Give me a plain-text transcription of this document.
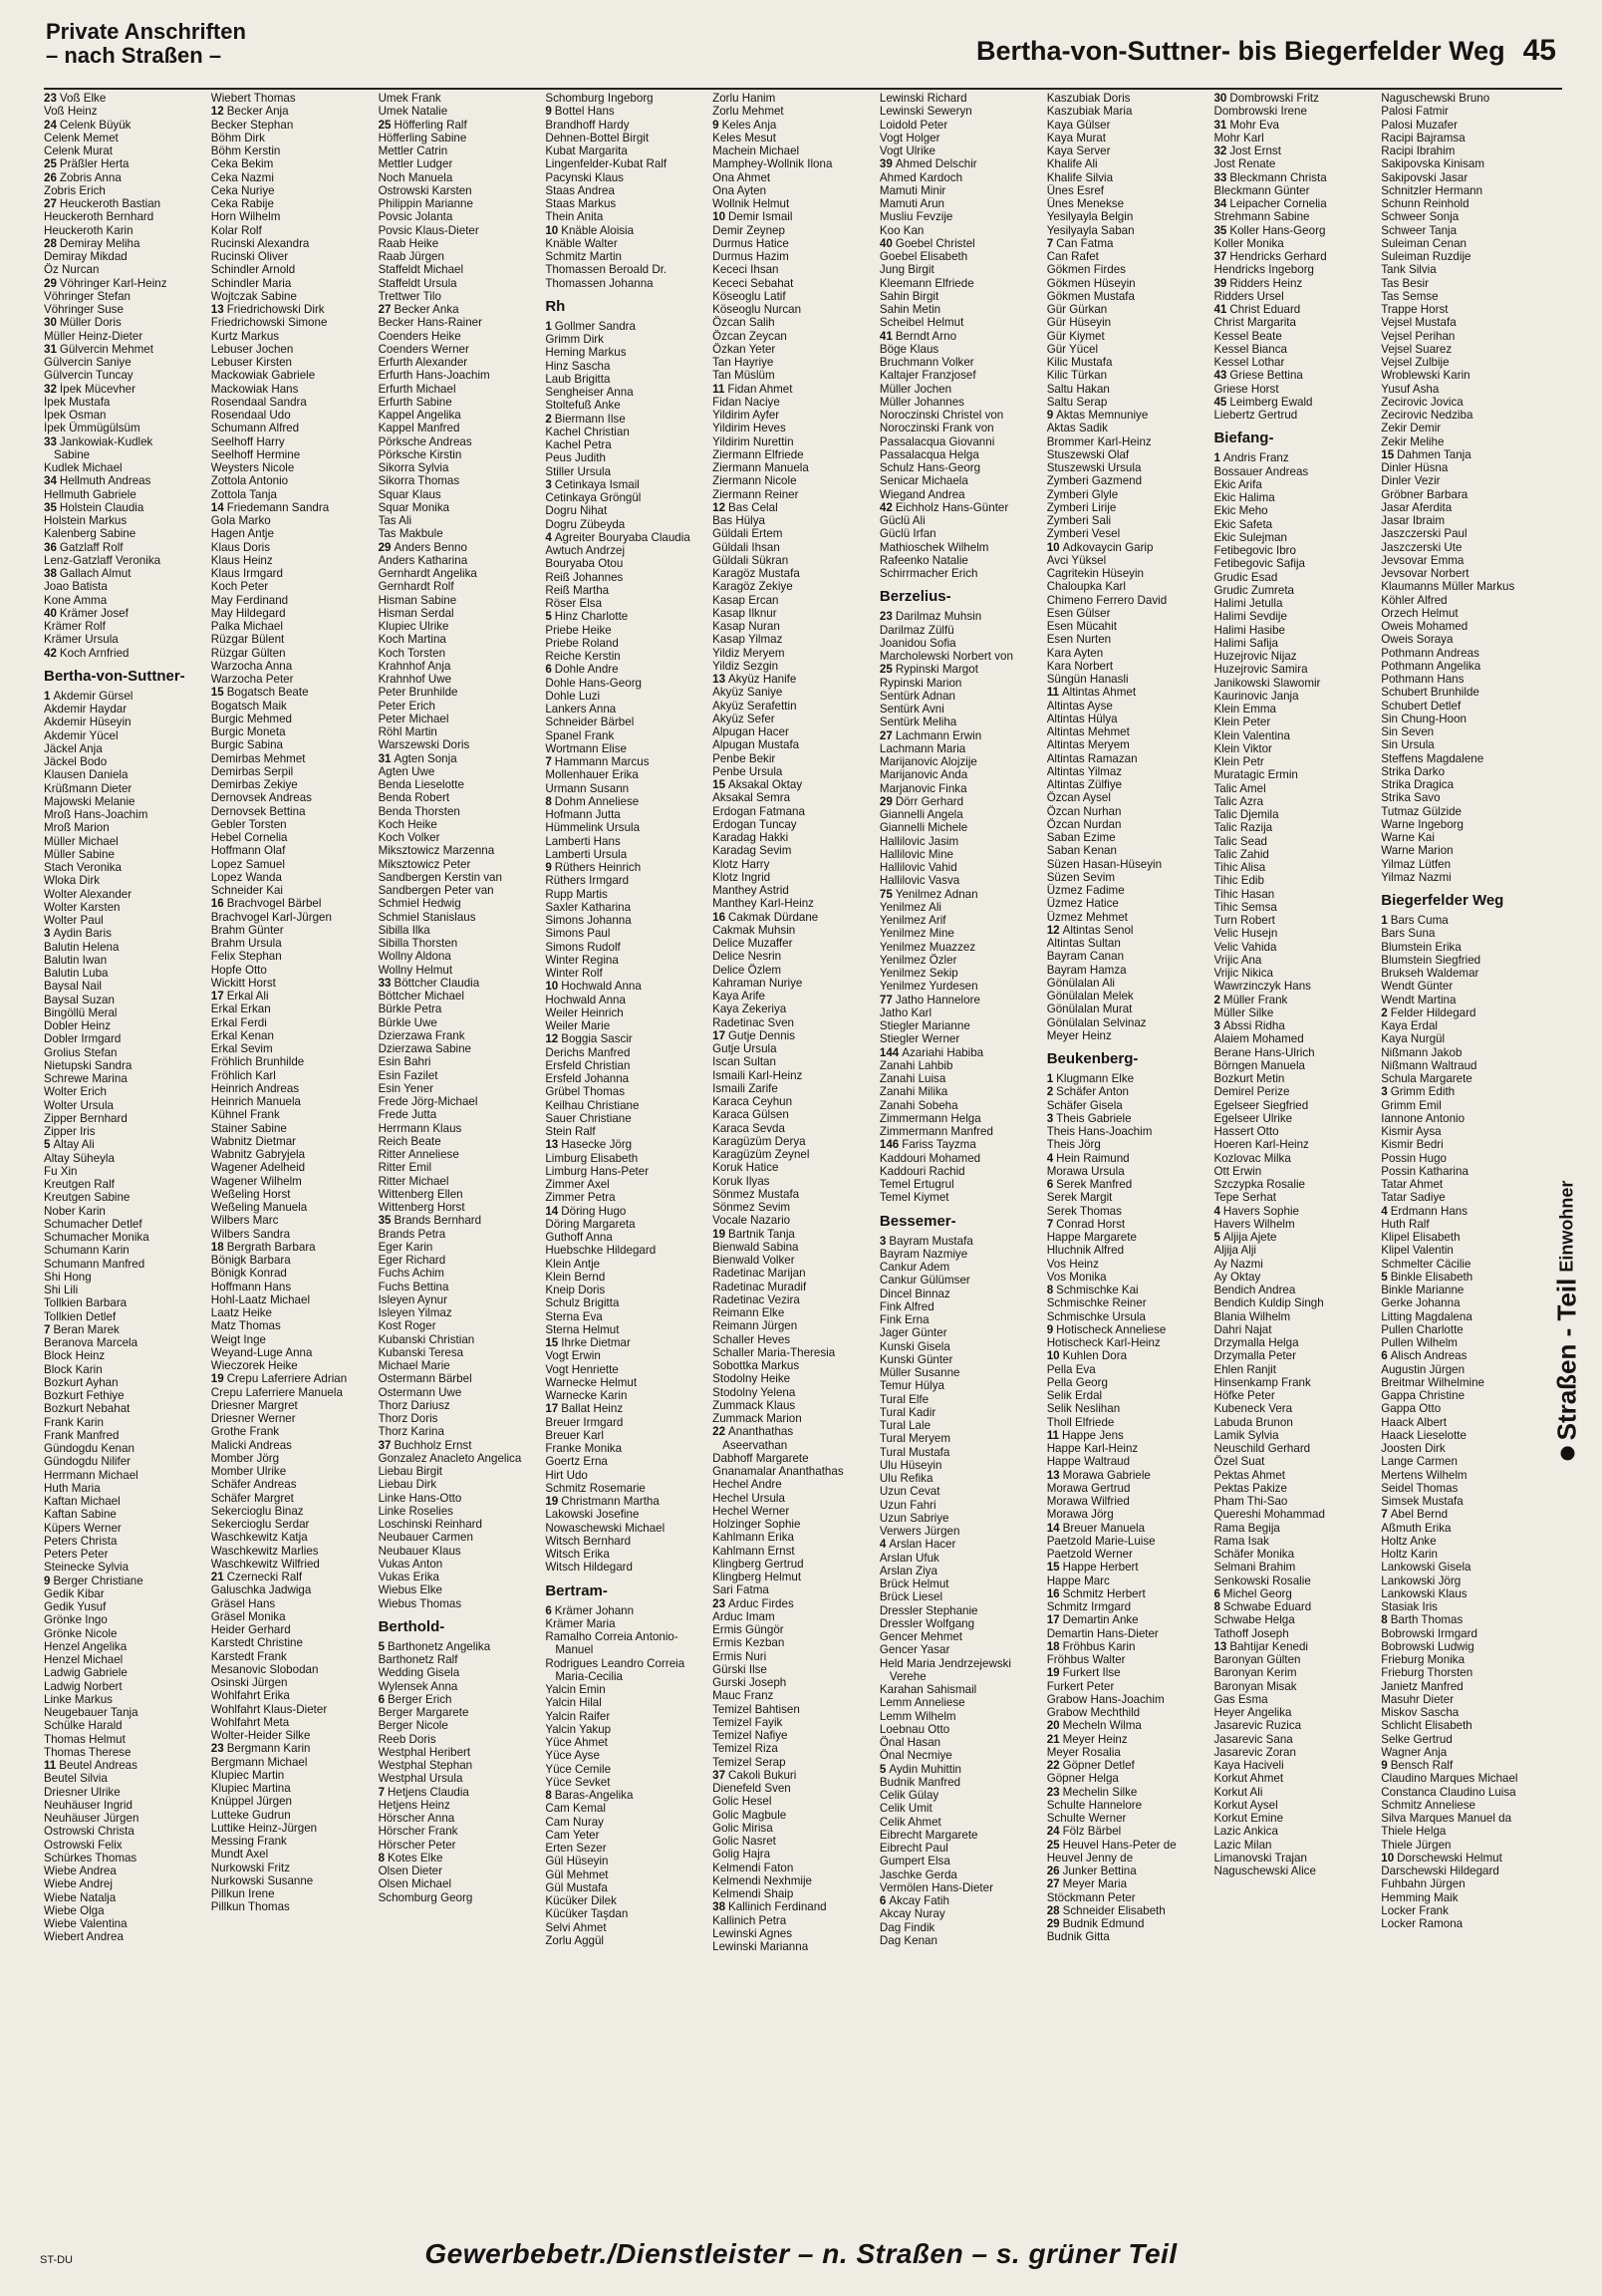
Private Anschriften
– nach Straßen –	Bertha-von-Suttner- bis Biegerfelder Weg 45
Straßen - Teil
Einwohner
ST-DU	Gewerbebetr./Dienstleister – n. Straßen – s. grüner Teil
23 Voß Elke
Voß Heinz
24 Celenk Büyük
Celenk Memet
Celenk Murat
25 Präßler Herta
26 Zobris Anna
Zobris Erich
27 Heuckeroth Bastian
Heuckeroth Bernhard
Heuckeroth Karin
28 Demiray Meliha
Demiray Mikdad
Öz Nurcan
29 Vöhringer Karl-Heinz
Vöhringer Stefan
Vöhringer Suse
30 Müller Doris
Müller Heinz-Dieter
31 Gülvercin Mehmet
Gülvercin Saniye
Gülvercin Tuncay
32 İpek Mücevher
İpek Mustafa
İpek Osman
İpek Ümmügülsüm
33 Jankowiak-Kudlek
Sabine
Kudlek Michael
34 Hellmuth Andreas
Hellmuth Gabriele
35 Holstein Claudia
Holstein Markus
Kalenberg Sabine
36 Gatzlaff Rolf
Lenz-Gatzlaff Veronika
38 Gallach Almut
Joao Batista
Kone Amma
40 Krämer Josef
Krämer Rolf
Krämer Ursula
42 Koch Arnfried
Bertha-von-Suttner-
1 Akdemir Gürsel
Akdemir Haydar
Akdemir Hüseyin
Akdemir Yücel
Jäckel Anja
Jäckel Bodo
Klausen Daniela
Krüßmann Dieter
Majowski Melanie
Mroß Hans-Joachim
Mroß Marion
Müller Michael
Müller Sabine
Stach Veronika
Wloka Dirk
Wolter Alexander
Wolter Karsten
Wolter Paul
3 Aydin Baris
Balutin Helena
Balutin Iwan
Balutin Luba
Baysal Nail
Baysal Suzan
Bingöllü Meral
Dobler Heinz
Dobler Irmgard
Grolius Stefan
Nietupski Sandra
Schrewe Marina
Wolter Erich
Wolter Ursula
Zipper Bernhard
Zipper Iris
5 Altay Ali
Altay Süheyla
Fu Xin
Kreutgen Ralf
Kreutgen Sabine
Nober Karin
Schumacher Detlef
Schumacher Monika
Schumann Karin
Schumann Manfred
Shi Hong
Shi Lili
Tollkien Barbara
Tollkien Detlef
7 Beran Marek
Beranova Marcela
Block Heinz
Block Karin
Bozkurt Ayhan
Bozkurt Fethiye
Bozkurt Nebahat
Frank Karin
Frank Manfred
Gündogdu Kenan
Gündogdu Nilifer
Herrmann Michael
Huth Maria
Kaftan Michael
Kaftan Sabine
Küpers Werner
Peters Christa
Peters Peter
Steinecke Sylvia
9 Berger Christiane
Gedik Kibar
Gedik Yusuf
Grönke Ingo
Grönke Nicole
Henzel Angelika
Henzel Michael
Ladwig Gabriele
Ladwig Norbert
Linke Markus
Neugebauer Tanja
Schülke Harald
Thomas Helmut
Thomas Therese
11 Beutel Andreas
Beutel Silvia
Driesner Ulrike
Neuhäuser Ingrid
Neuhäuser Jürgen
Ostrowski Christa
Ostrowski Felix
Schürkes Thomas
Wiebe Andrea
Wiebe Andrej
Wiebe Natalja
Wiebe Olga
Wiebe Valentina
Wiebert Andrea
Wiebert Thomas
12 Becker Anja
Becker Stephan
Böhm Dirk
Böhm Kerstin
Ceka Bekim
Ceka Nazmi
Ceka Nuriye
Ceka Rabije
Horn Wilhelm
Kolar Rolf
Rucinski Alexandra
Rucinski Oliver
Schindler Arnold
Schindler Maria
Wojtczak Sabine
13 Friedrichowski Dirk
Friedrichowski Simone
Kurtz Markus
Lebuser Jochen
Lebuser Kirsten
Mackowiak Gabriele
Mackowiak Hans
Rosendaal Sandra
Rosendaal Udo
Schumann Alfred
Seelhoff Harry
Seelhoff Hermine
Weysters Nicole
Zottola Antonio
Zottola Tanja
14 Friedemann Sandra
Gola Marko
Hagen Antje
Klaus Doris
Klaus Heinz
Klaus Irmgard
Koch Peter
May Ferdinand
May Hildegard
Palka Michael
Rüzgar Bülent
Rüzgar Gülten
Warzocha Anna
Warzocha Peter
15 Bogatsch Beate
Bogatsch Maik
Burgic Mehmed
Burgic Moneta
Burgic Sabina
Demirbas Mehmet
Demirbas Serpil
Demirbas Zekiye
Dernovsek Andreas
Dernovsek Bettina
Gebler Torsten
Hebel Cornelia
Hoffmann Olaf
Lopez Samuel
Lopez Wanda
Schneider Kai
16 Brachvogel Bärbel
Brachvogel Karl-Jürgen
Brahm Günter
Brahm Ursula
Felix Stephan
Hopfe Otto
Wickitt Horst
17 Erkal Ali
Erkal Erkan
Erkal Ferdi
Erkal Kenan
Erkal Sevim
Fröhlich Brunhilde
Fröhlich Karl
Heinrich Andreas
Heinrich Manuela
Kühnel Frank
Stainer Sabine
Wabnitz Dietmar
Wabnitz Gabryjela
Wagener Adelheid
Wagener Wilhelm
Weßeling Horst
Weßeling Manuela
Wilbers Marc
Wilbers Sandra
18 Bergrath Barbara
Bönigk Barbara
Bönigk Konrad
Hoffmann Hans
Hohl-Laatz Michael
Laatz Heike
Matz Thomas
Weigt Inge
Weyand-Luge Anna
Wieczorek Heike
19 Crepu Laferriere Adrian
Crepu Laferriere Manuela
Driesner Margret
Driesner Werner
Grothe Frank
Malicki Andreas
Momber Jörg
Momber Ulrike
Schäfer Andreas
Schäfer Margret
Sekercioglu Binaz
Sekercioglu Serdar
Waschkewitz Katja
Waschkewitz Marlies
Waschkewitz Wilfried
21 Czernecki Ralf
Galuschka Jadwiga
Gräsel Hans
Gräsel Monika
Heider Gerhard
Karstedt Christine
Karstedt Frank
Mesanovic Slobodan
Osinski Jürgen
Wohlfahrt Erika
Wohlfahrt Klaus-Dieter
Wohlfahrt Meta
Wolter-Heider Silke
23 Bergmann Karin
Bergmann Michael
Klupiec Martin
Klupiec Martina
Knüppel Jürgen
Lutteke Gudrun
Luttike Heinz-Jürgen
Messing Frank
Mundt Axel
Nurkowski Fritz
Nurkowski Susanne
Pillkun Irene
Pillkun Thomas
Umek Frank
Umek Natalie
25 Höfferling Ralf
Höfferling Sabine
Mettler Catrin
Mettler Ludger
Noch Manuela
Ostrowski Karsten
Philippin Marianne
Povsic Jolanta
Povsic Klaus-Dieter
Raab Heike
Raab Jürgen
Staffeldt Michael
Staffeldt Ursula
Trettwer Tilo
27 Becker Anka
Becker Hans-Rainer
Coenders Heike
Coenders Werner
Erfurth Alexander
Erfurth Hans-Joachim
Erfurth Michael
Erfurth Sabine
Kappel Angelika
Kappel Manfred
Pörksche Andreas
Pörksche Kirstin
Sikorra Sylvia
Sikorra Thomas
Squar Klaus
Squar Monika
Tas Ali
Tas Makbule
29 Anders Benno
Anders Katharina
Gernhardt Angelika
Gernhardt Rolf
Hisman Sabine
Hisman Serdal
Klupiec Ulrike
Koch Martina
Koch Torsten
Krahnhof Anja
Krahnhof Uwe
Peter Brunhilde
Peter Erich
Peter Michael
Röhl Martin
Warszewski Doris
31 Agten Sonja
Agten Uwe
Benda Lieselotte
Benda Robert
Benda Thorsten
Koch Heike
Koch Volker
Miksztowicz Marzenna
Miksztowicz Peter
Sandbergen Kerstin van
Sandbergen Peter van
Schmiel Hedwig
Schmiel Stanislaus
Sibilla Ilka
Sibilla Thorsten
Wollny Aldona
Wollny Helmut
33 Böttcher Claudia
Böttcher Michael
Bürkle Petra
Bürkle Uwe
Dzierzawa Frank
Dzierzawa Sabine
Esin Bahri
Esin Fazilet
Esin Yener
Frede Jörg-Michael
Frede Jutta
Herrmann Klaus
Reich Beate
Ritter Anneliese
Ritter Emil
Ritter Michael
Wittenberg Ellen
Wittenberg Horst
35 Brands Bernhard
Brands Petra
Eger Karin
Eger Richard
Fuchs Achim
Fuchs Bettina
Isleyen Aynur
Isleyen Yilmaz
Kost Roger
Kubanski Christian
Kubanski Teresa
Michael Marie
Ostermann Bärbel
Ostermann Uwe
Thorz Dariusz
Thorz Doris
Thorz Karina
37 Buchholz Ernst
Gonzalez Anacleto Angelica
Liebau Birgit
Liebau Dirk
Linke Hans-Otto
Linke Roselies
Loschinski Reinhard
Neubauer Carmen
Neubauer Klaus
Vukas Anton
Vukas Erika
Wiebus Elke
Wiebus Thomas
Berthold-
5 Barthonetz Angelika
Barthonetz Ralf
Wedding Gisela
Wylensek Anna
6 Berger Erich
Berger Margarete
Berger Nicole
Reeb Doris
Westphal Heribert
Westphal Stephan
Westphal Ursula
7 Hetjens Claudia
Hetjens Heinz
Hörscher Anna
Hörscher Frank
Hörscher Peter
8 Kotes Elke
Olsen Dieter
Olsen Michael
Schomburg Georg
Schomburg Ingeborg
9 Bottel Hans
Brandhoff Hardy
Dehnen-Bottel Birgit
Kubat Margarita
Lingenfelder-Kubat Ralf
Pacynski Klaus
Staas Andrea
Staas Markus
Thein Anita
10 Knäble Aloisia
Knäble Walter
Schmitz Martin
Thomassen Beroald Dr.
Thomassen Johanna
Rh
1 Gollmer Sandra
Grimm Dirk
Heming Markus
Hinz Sascha
Laub Brigitta
Sengheiser Anna
Stoltefuß Anke
2 Biermann Ilse
Kachel Christian
Kachel Petra
Peus Judith
Stiller Ursula
3 Cetinkaya Ismail
Cetinkaya Gröngül
Dogru Nihat
Dogru Zübeyda
4 Agreiter Bouryaba Claudia
Awtuch Andrzej
Bouryaba Otou
Reiß Johannes
Reiß Martha
Röser Elsa
5 Hinz Charlotte
Priebe Heike
Priebe Roland
Reiche Kerstin
6 Dohle Andre
Dohle Hans-Georg
Dohle Luzi
Lankers Anna
Schneider Bärbel
Spanel Frank
Wortmann Elise
7 Hammann Marcus
Mollenhauer Erika
Urmann Susann
8 Dohm Anneliese
Hofmann Jutta
Hümmelink Ursula
Lamberti Hans
Lamberti Ursula
9 Rüthers Heinrich
Rüthers Irmgard
Rupp Martis
Saxler Katharina
Simons Johanna
Simons Paul
Simons Rudolf
Winter Regina
Winter Rolf
10 Hochwald Anna
Hochwald Anna
Weiler Heinrich
Weiler Marie
12 Boggia Sascir
Derichs Manfred
Ersfeld Christian
Ersfeld Johanna
Grübel Thomas
Keilhau Christiane
Sauer Christiane
Stein Ralf
13 Hasecke Jörg
Limburg Elisabeth
Limburg Hans-Peter
Zimmer Axel
Zimmer Petra
14 Döring Hugo
Döring Margareta
Guthoff Anna
Huebschke Hildegard
Klein Antje
Klein Bernd
Kneip Doris
Schulz Brigitta
Sterna Eva
Sterna Helmut
15 Ihrke Dietmar
Vogt Erwin
Vogt Henriette
Warnecke Helmut
Warnecke Karin
17 Ballat Heinz
Breuer Irmgard
Breuer Karl
Franke Monika
Goertz Erna
Hirt Udo
Schmitz Rosemarie
19 Christmann Martha
Lakowski Josefine
Nowaschewski Michael
Witsch Bernhard
Witsch Erika
Witsch Hildegard
Bertram-
6 Krämer Johann
Krämer Maria
Ramalho Correia Antonio-
Manuel
Rodrigues Leandro Correia
Maria-Cecilia
Yalcin Emin
Yalcin Hilal
Yalcin Raifer
Yalcin Yakup
Yüce Ahmet
Yüce Ayse
Yüce Cemile
Yüce Sevket
8 Baras-Angelika
Cam Kemal
Cam Nuray
Cam Yeter
Erten Sezer
Gül Hüseyin
Gül Mehmet
Gül Mustafa
Kücüker Dilek
Kücüker Taşdan
Selvi Ahmet
Zorlu Aggül
Zorlu Hanim
Zorlu Mehmet
9 Keles Anja
Keles Mesut
Machein Michael
Mamphey-Wollnik Ilona
Ona Ahmet
Ona Ayten
Wollnik Helmut
10 Demir Ismail
Demir Zeynep
Durmus Hatice
Durmus Hazim
Kececi Ihsan
Kececi Sebahat
Köseoglu Latif
Köseoglu Nurcan
Özcan Salih
Özcan Zeycan
Özkan Yeter
Tan Hayriye
Tan Müslüm
11 Fidan Ahmet
Fidan Naciye
Yildirim Ayfer
Yildirim Heves
Yildirim Nurettin
Ziermann Elfriede
Ziermann Manuela
Ziermann Nicole
Ziermann Reiner
12 Bas Celal
Bas Hülya
Güldali Ertem
Güldali Ihsan
Güldali Sükran
Karagöz Mustafa
Karagöz Zekiye
Kasap Ercan
Kasap Ilknur
Kasap Nuran
Kasap Yilmaz
Yildiz Meryem
Yildiz Sezgin
13 Akyüz Hanife
Akyüz Saniye
Akyüz Serafettin
Akyüz Sefer
Alpugan Hacer
Alpugan Mustafa
Penbe Bekir
Penbe Ursula
15 Aksakal Oktay
Aksakal Semra
Erdogan Fatmana
Erdogan Tuncay
Karadag Hakki
Karadag Sevim
Klotz Harry
Klotz Ingrid
Manthey Astrid
Manthey Karl-Heinz
16 Cakmak Dürdane
Cakmak Muhsin
Delice Muzaffer
Delice Nesrin
Delice Özlem
Kahraman Nuriye
Kaya Arife
Kaya Zekeriya
Radetinac Sven
17 Gutje Dennis
Gutje Ursula
Iscan Sultan
Ismaili Karl-Heinz
Ismaili Zarife
Karaca Ceyhun
Karaca Gülsen
Karaca Sevda
Karagüzüm Derya
Karagüzüm Zeynel
Koruk Hatice
Koruk Ilyas
Sönmez Mustafa
Sönmez Sevim
Vocale Nazario
19 Bartnik Tanja
Bienwald Sabina
Bienwald Volker
Radetinac Marijan
Radetinac Muradif
Radetinac Vezira
Reimann Elke
Reimann Jürgen
Schaller Heves
Schaller Maria-Theresia
Sobottka Markus
Stodolny Heike
Stodolny Yelena
Zummack Klaus
Zummack Marion
22 Ananthathas
Aseervathan
Dabhoff Margarete
Gnanamalar Ananthathas
Hechel Andre
Hechel Ursula
Hechel Werner
Holzinger Sophie
Kahlmann Erika
Kahlmann Ernst
Klingberg Gertrud
Klingberg Helmut
Sari Fatma
23 Arduc Firdes
Arduc Imam
Ermis Güngör
Ermis Kezban
Ermis Nuri
Gürski Ilse
Gurski Joseph
Mauc Franz
Temizel Bahtisen
Temizel Fayik
Temizel Nafiye
Temizel Riza
Temizel Serap
37 Cakoli Bukuri
Dienefeld Sven
Golic Hesel
Golic Magbule
Golic Mirisa
Golic Nasret
Golig Hajra
Kelmendi Faton
Kelmendi Nexhmije
Kelmendi Shaip
38 Kallinich Ferdinand
Kallinich Petra
Lewinski Agnes
Lewinski Marianna
Lewinski Richard
Lewinski Seweryn
Loidold Peter
Vogt Holger
Vogt Ulrike
39 Ahmed Delschir
Ahmed Kardoch
Mamuti Minir
Mamuti Arun
Musliu Fevzije
Koo Kan
40 Goebel Christel
Goebel Elisabeth
Jung Birgit
Kleemann Elfriede
Sahin Birgit
Sahin Metin
Scheibel Helmut
41 Berndt Arno
Böge Klaus
Bruchmann Volker
Kaltajer Franzjosef
Müller Jochen
Müller Johannes
Noroczinski Christel von
Noroczinski Frank von
Passalacqua Giovanni
Passalacqua Helga
Schulz Hans-Georg
Senicar Michaela
Wiegand Andrea
42 Eichholz Hans-Günter
Güclü Ali
Güclü Irfan
Mathioschek Wilhelm
Rafeenko Natalie
Schirrmacher Erich
Berzelius-
23 Darilmaz Muhsin
Darilmaz Zülfü
Joanidou Sofia
Marcholewski Norbert von
25 Rypinski Margot
Rypinski Marion
Sentürk Adnan
Sentürk Avni
Sentürk Meliha
27 Lachmann Erwin
Lachmann Maria
Marijanovic Alojzije
Marijanovic Anda
Marjanovic Finka
29 Dörr Gerhard
Giannelli Angela
Giannelli Michele
Hallilovic Jasim
Hallilovic Mine
Hallilovic Vahid
Hallilovic Vasva
75 Yenilmez Adnan
Yenilmez Ali
Yenilmez Arif
Yenilmez Mine
Yenilmez Muazzez
Yenilmez Özler
Yenilmez Sekip
Yenilmez Yurdesen
77 Jatho Hannelore
Jatho Karl
Stiegler Marianne
Stiegler Werner
144 Azariahi Habiba
Zanahi Lahbib
Zanahi Luisa
Zanahi Milika
Zanahi Sobeha
Zimmermann Helga
Zimmermann Manfred
146 Fariss Tayzma
Kaddouri Mohamed
Kaddouri Rachid
Temel Ertugrul
Temel Kiymet
Bessemer-
3 Bayram Mustafa
Bayram Nazmiye
Cankur Adem
Cankur Gülümser
Dincel Binnaz
Fink Alfred
Fink Erna
Jager Günter
Kunski Gisela
Kunski Günter
Müller Susanne
Temur Hülya
Tural Elfe
Tural Kadir
Tural Lale
Tural Meryem
Tural Mustafa
Ulu Hüseyin
Ulu Refika
Uzun Cevat
Uzun Fahri
Uzun Sabriye
Verwers Jürgen
4 Arslan Hacer
Arslan Ufuk
Arslan Ziya
Brück Helmut
Brück Liesel
Dressler Stephanie
Dressler Wolfgang
Gencer Mehmet
Gencer Yasar
Held Maria Jendrzejewski
Verehe
Karahan Sahismail
Lemm Anneliese
Lemm Wilhelm
Loebnau Otto
Önal Hasan
Önal Necmiye
5 Aydin Muhittin
Budnik Manfred
Celik Gülay
Celik Umit
Celik Ahmet
Eibrecht Margarete
Eibrecht Paul
Gumpert Elsa
Jaschke Gerda
Vermölen Hans-Dieter
6 Akcay Fatih
Akcay Nuray
Dag Findik
Dag Kenan
Kaszubiak Doris
Kaszubiak Maria
Kaya Gülser
Kaya Murat
Kaya Server
Khalife Ali
Khalife Silvia
Ünes Esref
Ünes Menekse
Yesilyayla Belgin
Yesilyayla Saban
7 Can Fatma
Can Rafet
Gökmen Firdes
Gökmen Hüseyin
Gökmen Mustafa
Gür Gürkan
Gür Hüseyin
Gür Kiymet
Gür Yücel
Kilic Mustafa
Kilic Türkan
Saltu Hakan
Saltu Serap
9 Aktas Memnuniye
Aktas Sadik
Brommer Karl-Heinz
Stuszewski Olaf
Stuszewski Ursula
Zymberi Gazmend
Zymberi Glyle
Zymberi Lirije
Zymberi Sali
Zymberi Vesel
10 Adkovaycin Garip
Avci Yüksel
Cagritekin Hüseyin
Chaloupka Karl
Chimeno Ferrero David
Esen Gülser
Esen Mücahit
Esen Nurten
Kara Ayten
Kara Norbert
Süngün Hanasli
11 Altintas Ahmet
Altintas Ayse
Altintas Hülya
Altintas Mehmet
Altintas Meryem
Altintas Ramazan
Altintas Yilmaz
Altintas Zülfiye
Özcan Aysel
Özcan Nurhan
Özcan Nurdan
Saban Ezime
Saban Kenan
Süzen Hasan-Hüseyin
Süzen Sevim
Üzmez Fadime
Üzmez Hatice
Üzmez Mehmet
12 Altintas Senol
Altintas Sultan
Bayram Canan
Bayram Hamza
Gönülalan Ali
Gönülalan Melek
Gönülalan Murat
Gönülalan Selvinaz
Meyer Heinz
Beukenberg-
1 Klugmann Elke
2 Schäfer Anton
Schäfer Gisela
3 Theis Gabriele
Theis Hans-Joachim
Theis Jörg
4 Hein Raimund
Morawa Ursula
6 Serek Manfred
Serek Margit
Serek Thomas
7 Conrad Horst
Happe Margarete
Hluchnik Alfred
Vos Heinz
Vos Monika
8 Schmischke Kai
Schmischke Reiner
Schmischke Ursula
9 Hotischeck Anneliese
Hotischeck Karl-Heinz
10 Kuhlen Dora
Pella Eva
Pella Georg
Selik Erdal
Selik Neslihan
Tholl Elfriede
11 Happe Jens
Happe Karl-Heinz
Happe Waltraud
13 Morawa Gabriele
Morawa Gertrud
Morawa Wilfried
Morawa Jörg
14 Breuer Manuela
Paetzold Marie-Luise
Paetzold Werner
15 Happe Herbert
Happe Marc
16 Schmitz Herbert
Schmitz Irmgard
17 Demartin Anke
Demartin Hans-Dieter
18 Fröhbus Karin
Fröhbus Walter
19 Furkert Ilse
Furkert Peter
Grabow Hans-Joachim
Grabow Mechthild
20 Mecheln Wilma
21 Meyer Heinz
Meyer Rosalia
22 Göpner Detlef
Göpner Helga
23 Mechelin Silke
Schulte Hannelore
Schulte Werner
24 Fölz Bärbel
25 Heuvel Hans-Peter de
Heuvel Jenny de
26 Junker Bettina
27 Meyer Maria
Stöckmann Peter
28 Schneider Elisabeth
29 Budnik Edmund
Budnik Gitta
30 Dombrowski Fritz
Dombrowski Irene
31 Mohr Eva
Mohr Karl
32 Jost Ernst
Jost Renate
33 Bleckmann Christa
Bleckmann Günter
34 Leipacher Cornelia
Strehmann Sabine
35 Koller Hans-Georg
Koller Monika
37 Hendricks Gerhard
Hendricks Ingeborg
39 Ridders Heinz
Ridders Ursel
41 Christ Eduard
Christ Margarita
Kessel Beate
Kessel Bianca
Kessel Lothar
43 Griese Bettina
Griese Horst
45 Leimberg Ewald
Liebertz Gertrud
Biefang-
1 Andris Franz
Bossauer Andreas
Ekic Arifa
Ekic Halima
Ekic Meho
Ekic Safeta
Ekic Sulejman
Fetibegovic Ibro
Fetibegovic Safija
Grudic Esad
Grudic Zumreta
Halimi Jetulla
Halimi Sevdije
Halimi Hasibe
Halimi Safija
Huzejrovic Nijaz
Huzejrovic Samira
Janikowski Slawomir
Kaurinovic Janja
Klein Emma
Klein Peter
Klein Valentina
Klein Viktor
Klein Petr
Muratagic Ermin
Talic Amel
Talic Azra
Talic Djemila
Talic Razija
Talic Sead
Talic Zahid
Tihic Alisa
Tihic Edib
Tihic Hasan
Tihic Semsa
Turn Robert
Velic Husejn
Velic Vahida
Vrijic Ana
Vrijic Nikica
Wawrzinczyk Hans
2 Müller Frank
Müller Silke
3 Abssi Ridha
Alaiem Mohamed
Berane Hans-Ulrich
Börngen Manuela
Bozkurt Metin
Demirel Perize
Egelseer Siegfried
Egelseer Ulrike
Hassert Otto
Hoeren Karl-Heinz
Kozlovac Milka
Ott Erwin
Szczypka Rosalie
Tepe Serhat
4 Havers Sophie
Havers Wilhelm
5 Aljija Ajete
Aljija Alji
Ay Nazmi
Ay Oktay
Bendich Andrea
Bendich Kuldip Singh
Blania Wilhelm
Dahri Najat
Drzymalla Helga
Drzymalla Peter
Ehlen Ranjit
Hinsenkamp Frank
Höfke Peter
Kubeneck Vera
Labuda Brunon
Lamik Sylvia
Neuschild Gerhard
Özel Suat
Pektas Ahmet
Pektas Pakize
Pham Thi-Sao
Quereshi Mohammad
Rama Begija
Rama Isak
Schäfer Monika
Selmani Brahim
Senkowski Rosalie
6 Michel Georg
8 Schwabe Eduard
Schwabe Helga
Tathoff Joseph
13 Bahtijar Kenedi
Baronyan Gülten
Baronyan Kerim
Baronyan Misak
Gas Esma
Heyer Angelika
Jasarevic Ruzica
Jasarevic Sana
Jasarevic Zoran
Kaya Haciveli
Korkut Ahmet
Korkut Ali
Korkut Aysel
Korkut Emine
Lazic Ankica
Lazic Milan
Limanovski Trajan
Naguschewski Alice
Naguschewski Bruno
Palosi Fatmir
Palosi Muzafer
Racipi Bajramsa
Racipi Ibrahim
Sakipovska Kinisam
Sakipovski Jasar
Schnitzler Hermann
Schunn Reinhold
Schweer Sonja
Schweer Tanja
Suleiman Cenan
Suleiman Ruzdije
Tank Silvia
Tas Besir
Tas Semse
Trappe Horst
Vejsel Mustafa
Vejsel Perihan
Vejsel Suarez
Vejsel Zulbije
Wroblewski Karin
Yusuf Asha
Zecirovic Jovica
Zecirovic Nedziba
Zekir Demir
Zekir Melihe
15 Dahmen Tanja
Dinler Hüsna
Dinler Vezir
Gröbner Barbara
Jasar Aferdita
Jasar Ibraim
Jaszczerski Paul
Jaszczerski Ute
Jevsovar Emma
Jevsovar Norbert
Klaumanns Müller Markus
Köhler Alfred
Orzech Helmut
Oweis Mohamed
Oweis Soraya
Pothmann Andreas
Pothmann Angelika
Pothmann Hans
Schubert Brunhilde
Schubert Detlef
Sin Chung-Hoon
Sin Seven
Sin Ursula
Steffens Magdalene
Strika Darko
Strika Dragica
Strika Savo
Tutmaz Gülzide
Warne Ingeborg
Warne Kai
Warne Marion
Yilmaz Lütfen
Yilmaz Nazmi
Biegerfelder Weg
1 Bars Cuma
Bars Suna
Blumstein Erika
Blumstein Siegfried
Brukseh Waldemar
Wendt Günter
Wendt Martina
2 Felder Hildegard
Kaya Erdal
Kaya Nurgül
Nißmann Jakob
Nißmann Waltraud
Schula Margarete
3 Grimm Edith
Grimm Emil
Iannone Antonio
Kismir Aysa
Kismir Bedri
Possin Hugo
Possin Katharina
Tatar Ahmet
Tatar Sadiye
4 Erdmann Hans
Huth Ralf
Klipel Elisabeth
Klipel Valentin
Schmelter Cäcilie
5 Binkle Elisabeth
Binkle Marianne
Gerke Johanna
Litting Magdalena
Pullen Charlotte
Pullen Wilhelm
6 Alisch Andreas
Augustin Jürgen
Breitmar Wilhelmine
Gappa Christine
Gappa Otto
Haack Albert
Haack Lieselotte
Joosten Dirk
Lange Carmen
Mertens Wilhelm
Seidel Thomas
Simsek Mustafa
7 Abel Bernd
Aßmuth Erika
Holtz Anke
Holtz Karin
Lankowski Gisela
Lankowski Jörg
Lankowski Klaus
Stasiak Iris
8 Barth Thomas
Bobrowski Irmgard
Bobrowski Ludwig
Frieburg Monika
Frieburg Thorsten
Janietz Manfred
Masuhr Dieter
Miskov Sascha
Schlicht Elisabeth
Selke Gertrud
Wagner Anja
9 Bensch Ralf
Claudino Marques Michael
Constanca Claudino Luisa
Schmitz Anneliese
Silva Marques Manuel da
Thiele Helga
Thiele Jürgen
10 Dorschewski Helmut
Darschewski Hildegard
Fuhbahn Jürgen
Hemming Maik
Locker Frank
Locker Ramona
